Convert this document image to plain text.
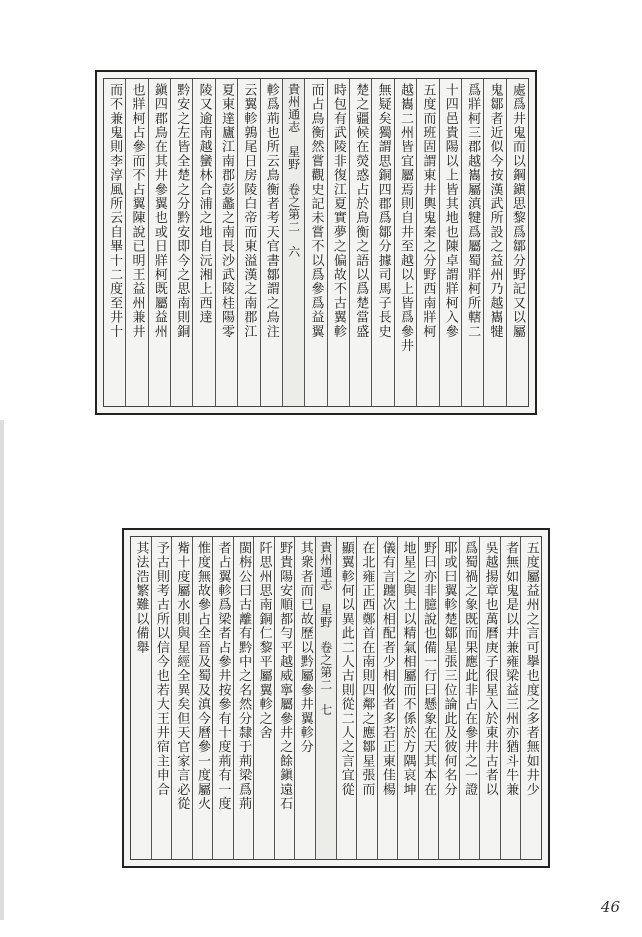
處爲井鬼而以鋼鎭思黎爲鄒分野記又以屬
鬼鄒者近似今按漢武所設之益州乃越巂犍
爲牂柯三郡越巂屬滇犍爲屬蜀牂柯所轄二
十四邑貴陽以上皆其地也陳卓謂牂柯入參
五度而班固謂東井輿鬼秦之分野西南牂柯
越巂二州皆宜屬焉則自井至越以上皆爲參井
無疑矣獨謂思銅四郡爲鄒分據司馬子長史
楚之疆候在熒惑占於鳥衡之語以爲楚當盛
時包有武陵非復江夏實夢之偏故不古翼軫
而占鳥衡然嘗觀史記未嘗不以爲參爲益翼
貴州通志　星野　卷之第二　六
軫爲荊也所云鳥衡者考天官書鄒謂之鳥注
云翼軫鶉尾日房陵白帝而東溢漢之南郡江
夏東達廬江南郡彭蠡之南長沙武陵桂陽零
陵又逾南越蠻林合浦之地自沅湘上西達
黔安之左皆全楚之分黔安即今之思南則銅
鎭四郡鳥在其井參翼也或日牂柯既屬益州
也牂柯占參而不占翼陳說已明王益州兼井
而不兼鬼則李淳風所云自畢十二度至井十
五度屬益州之言可擧也度之多者無如井少
者無如鬼是以井兼雍梁益三州亦猶斗牛兼
吳越揚章也萬曆庚子很星入於東井古者以
爲蜀禍之象既而果應此非占在參井之一證
耶或曰翼軫楚鄒星張三位論此及彼何名分
野曰亦非臆說也備一行曰懸象在天其本在
地星之與土以精氣相屬而不係於方隅哀坤
儀有言躔次相配者少相攸者多若正東佳楊
在北雍正西鄭首在南則四鄰之應鄒星張而
顯翼軫何以異此二人古則從二人之言宜從
貴州通志　星野　卷之第二　七
其衆者而已故歷以黔屬參井翼軫分
野貴陽安順都勻平越威寧屬參井之餘鎭遠石
阡思州思南銅仁黎平屬翼軫之舍
閩栴公曰古離有黔中之名然分隸于荊梁爲荊
者占翼軫爲梁者占參井按參有十度荊有一度
惟度無故參占全晉及蜀及滇今曆參一度屬火
觜十度屬水則與星經全異矣但天官家言必從
予古則考古所以信今也若大王井宿主申合
其法浩繁難以備舉
46
